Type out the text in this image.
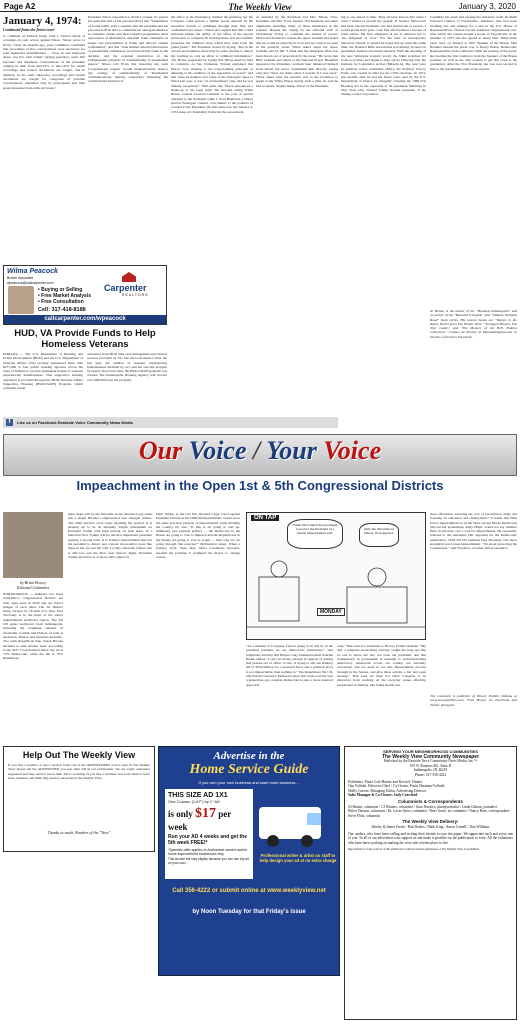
Page A2	The Weekly View	January 3, 2020
January 4, 1974:
Continued from the front cover

to comment on Federal Judge John J. Sirica's threat of contempt-of-court action against Nixon. Nixon wrote to Ervin, "Only six months ago, your committee concluded that recordings of five conversations were necessary for your legislative determination … Now, in one subpoena alone, you list, with widely varying precision, some 492 personal and telephone conversations of the president ranging in time from mid-1971 to late-1973 for which recordings and related documents are sought, and in addition, in the same subpoena, recordings and related documents are sought for categories of possible conversations, identified only by participants and time spans measured in months and years."

Wilma Peacock
Broker Associate
wpeacock@callcarpenter.com
• Buying or Selling
• Free Market Analysis
• Free Consultation
Cell: 317-418-8188
Carpenter
REALTORS
callcarpenter.com/wpeacock

President Nixon responded to Ervin's request for papers (in particular that of his personal diary) that "formulation of sound public policy requires that the president and his personal staff be able to communicate among themselves in complete candor and their tentative judgements, their exploration of alternatives, and their frank comments on issues and personalities at home and abroad, remain confidential," and that "even limited selected disclosures of presidential confidences would inevitably result in the attrition, and the eventual destruction of the indispensable principle of confidentiality of presidential papers." Nixon told Ervin that honoring any such Congressional request "would unquestionably destroy any vestige of confidentiality of Presidential communications, thereby irreparably impairing the constitutional function of

the office of the Presidency. Neither the judiciary nor the Congress could survive a similar power asserted by the executive branch to rummage through their files and confidential processes." Nixon also argued that this "could seriously impair the ability of the office of the special prosecutor to complete its investigations and successfully prosecute the criminal cases which may arise from the grand juries." The President closed by saying, "But in the current environment, there may be some attempt to distort my position as only an effort to withhold information." The House responded by saying that Nixon must be held in contempt. At San Clemente, Warren explained that Nixon "was sticking to his long-standing principle of adhering to the tradition of the separation of power" and that when he handed over some of the Watergate tapes to Sirica last year, it was "an extraordinary step, and he was making exceptions." That same day, Nixon announced a shake-up of his legal team. He elevated acting White House counsel Leonard Garment to the post of special assistant to the President while J. Fred Buzhardt, a Nixon special Watergate counsel, was named to the position of counsel to the President. On that same day, the January 4, 1974 issue of Christianity Today hit the newsstands.

as attended by the President and Mrs. Nixon, Vice-President and Mrs. Ford, Senator Ted Kennedy and other dignitaries including many of those implicated in the scandal. Despite the urging by the editorial staff of Christianity Today to condemn the abuses of power, Nixon had decided to release the tapes. Graham had stated that he would be ethically in error and not wish to be used in the political arena. When asked about the tapes, Graham said he felt "I think that the Watergate affair has been blown out of proportion by the press." He wrote that Billy Graham and others at the National Prayer Breakfast supported the President. Graham later distanced himself from Nixon but never condemned him directly, saying only that "there are times when I wonder if I was used." When asked what his reaction was to the invitation to speak at the White House during such a time, he said he had accepted, despite being critical of the President.

ing to say ahead of time. They all have known that when I went I intend to preach the gospel. If Senator McGovern had been elected President and had invited me to preach, I would gladly have gone. I am first and foremost a servant of Jesus Christ. My first allegiance is not to America but to "the Kingdom of God." For the sake of retrospective historical context, it should be noted that up until this same time, the National Rifle Association had mainly focused on sportsmen, hunters and target shooters. With the dawning of the new Watergate scandal world, the NRA switched it's focus to politics and began to map out its lobbying arm, the Institute for Legislative Action (NRA-ILA). The next year, its political action committee (PAC), the Political Victory Fund, was created in time for the 1976 elections. In 1974, just months after he and his father were sued by the U.S. Department of Justice for allegedly violating the 1968 Fair Housing Act in the operation of 39 apartment buildings in New York City, Donald Trump became president of the Trump-owned corporation.

Columbia bar exam and passing the Arkansas exam, Rodham followed Clinton to Fayetteville, Arkansas. She had been teaching law and running for a seat in the U.S. House of Representatives. Clinton lost the Arkansas congressional race, after which the couple bought a house in Fayetteville in the summer of 1975 and she agreed to marry him. Thirty-three years later, on January 4, 2007 Speaker of the House John Boehner handed the gavel over to Nancy Pelosi, Democratic Representative from California. With the passing of the gavel, she became the first woman to hold the Speaker of the House position, as well as the only woman to get that close to the presidency. After the Vice President, she was now second in line to the presidential order of succession.

Al Hunter is the author of the "Haunted Indianapolis" and co-author of the "Haunted Irvington" and "Indiana National Road" book series. His newest books are "Bumps in the Night, Stories from The Weekly View," "Irvington Houses, The Tour Guide," and "The Mystery of the H.H. Holmes Collection." Contact Al directly at Hauntedal@aol.com or become a friend on Facebook.

HUD, VA Provide Funds to Help Homeless Veterans

INDIANA — The U.S. Department of Housing and Urban Development (HUD) and the U.S. Department of Veterans Affairs (VA) recently announced more than $277,400 to four public housing agencies across the State of Indiana to provide permanent homes to veterans experiencing homelessness. This supportive housing assistance is provided through the HUD-Veterans Affairs Supportive Housing (HUD-VASH) Program, which combines rental

assistance from HUD with case management and clinical services provided by VA. See the local impact. Over the last year, the number of veterans experiencing homelessness declined by two percent and has dropped by nearly 50 percent since the HUD-VASH program was created. The Indianapolis Housing Agency will receive over $86,800 from the program.

f	Like us on Facebook Eastside Voice Community News Media
Our Voice / Your Voice
Impeachment in the Open 1st & 5th Congressional Districts
by Brian Howey
Editorial Columnist

INDIANAPOLIS — Indiana's two most competitive congressional districts are both open seats in 2020 and are mirror images of each other. The 1st District being vacated by 18-term U.S. Rep. Pete Visclosky is in the heart of the state's industrialized northwest region. The 5th CD spans northward from Indianapolis, including the doughnut suburbs of Zionsville, Carmel, and Fishers, as well as Anderson, Marion and suburban Kokomo. Two term Republican Rep. Susan Brooks declined to seek another term. According to the 2017 Cook Partisan Index, the 1st is +9% Democratic while the 5th is +9% Republican.

these maps will be the first time in the television age when just a single Hoosier congressional seat changed parties. The 2020 election cycle looks anything but normal. It is shaping up to be an intensely fought referendum on President Trump with high turnout on both sides. In a historical first, Trump will be the first impeached president seeking a second term. It is Trump's impeachment that has the potential to distort and content down-ballot races like these in the 1st and 5th CDs. Locally when the jobless rate is still low and the Dow near historic highs, President Trump should be at or above 60% approval.

ident Trump, as the late Sen. Richard Lugar voted against President Clinton in his 1998-99 impeachment, would serve the same practical purpose as impeachment while dividing the country far less. "If this is all going to end up, ultimately, just partisan politics — the Democrats in the House are going to vote to impeach and the Republicans in the Senate are going to vote to acquit — then why are we going through this exercise?" McDermott asked. When a primary rival, State Rep. Mara Candelaria Reardon, assailed his position, it prompted the mayor to change course.

ON TAP
When McConnell has promised to protect the President in a Senate impeachment trial.
Only the third time in history it's happened.
MONDAY

"As a member of Congress, I'm not going to sit idly by as the president tramples on our democratic institutions," said Valparaiso attorney Jim Harper. Gary businesswoman Sabrina Haake added, "I can't be strong enough in support of getting this jackass out of office. To me, if trying to sell our military aid of $350 million for a personal favor and a political favor is not impeachable, then nothing is." The Republican 5th CD, which hasn't elected a Democrat since Jim Jontz won the seat a generation ago, requires Democrats to take a more nuanced approach.

cans," Hale said in a statement to Howey Politics Indiana. "My dad, a longtime prosecuting attorney, taught me long ago that no one is above the law, not even our president, and that transparency in government is essential to well-functioning democracy. Americans across our country are seriously concerned, and we need to see this impeachment process through in the Senate, and give these articles a fair and open hearing." That said, we must not allow Congress to be distracted from working on the everyday issues affecting people here in Indiana, like rising health care

more affordable, lowering the cost of prescription drugs and focusing on education and employment." It seems that Hale favors impeachment as all but three current House Democrats did, but her spokesman, Andy Hilyk, would not say whether Hale would have cast a vote for impeachment. He repeatedly referred to the statement. Her opponent for the Democratic nomination, 2018 5th CD nominee Dee Thornton, was more straightforward about impeachment. "It's about protecting the Constitution," said Thornton, a former Xerox executive.

The columnist is publisher of Howey Politics Indiana at www.howeypolitics.com. Find Howey on Facebook and Twitter @hwypol.

Advertise in the
Home Service Guide
If you own your own business and want more business…
THIS SIZE AD 1X1
One Column (1.67") by 1" AD
is only $17 per week
Run your AD 4 weeks and get the 5th week FREE!*
*Specials offer applies to Authorized service and/or home improvement businesses only.
This ad size will vary slightly because you can use clip art on your own...
Professional writer & artist on staff to help design your ad at no extra charge
Call 356-4222 or submit online at www.weeklyview.net
by Noon Tuesday for that Friday's issue
Help Out The Weekly View

If you buy a product or use a service, from one of the ADVERTISERS you've seen in The Weekly View please tell the ADVERTISER you saw their AD in our publication. We are solely advertiser supported and they need to know their AD is working! If you like a business and want them to have more business, tell them they need to advertise in the Weekly View.

Thanks so much, Readers of the "View"
SERVING YOUR NEIGHBORHOOD COMMUNITIES
The Weekly View Community Newspaper
Published by the Eastside Voice Community News Media, Inc.™
195 N. Routiers Rd., Suite D
Indianapolis, IN 46219
Phone: 317-356-4222
Publishers: Paula Cole-Hunter and Kevin S. Hunter
Ona Vollrath, Editor-in-Chief / Co-Owner: Paula Ninamas-Vollrath
Shelly Craven: Managing Editor, Advertising Director
Sales Manager & Co-Owner: Judy Crawford
Columnists & Correspondents
Al Hunter, columnist / CJ Winters, columnist / Gina Navarro, photojournalist / Linda Gibson, journalist
Helen Thomas, columnist / Dr. Lucas Ayers, columnist / Peter Grafe, art columnist / Nancy Rose, correspondent / Steve Flick, columnist
The Weekly View Delivery:
Shirley & James Fuchs / Bob Drakes / Mark King / Aaron Carnell / Tina Williams
Our readers, who have been calling and writing their friends to save the paper: We appreciate each and every one of you. To all of our advertisers who support us and make it possible for the publication to exist: All the volunteers who have been working on making the west side a better place to live.
Reproduction of any portion of this publication without written permission of The Weekly View is prohibited.
